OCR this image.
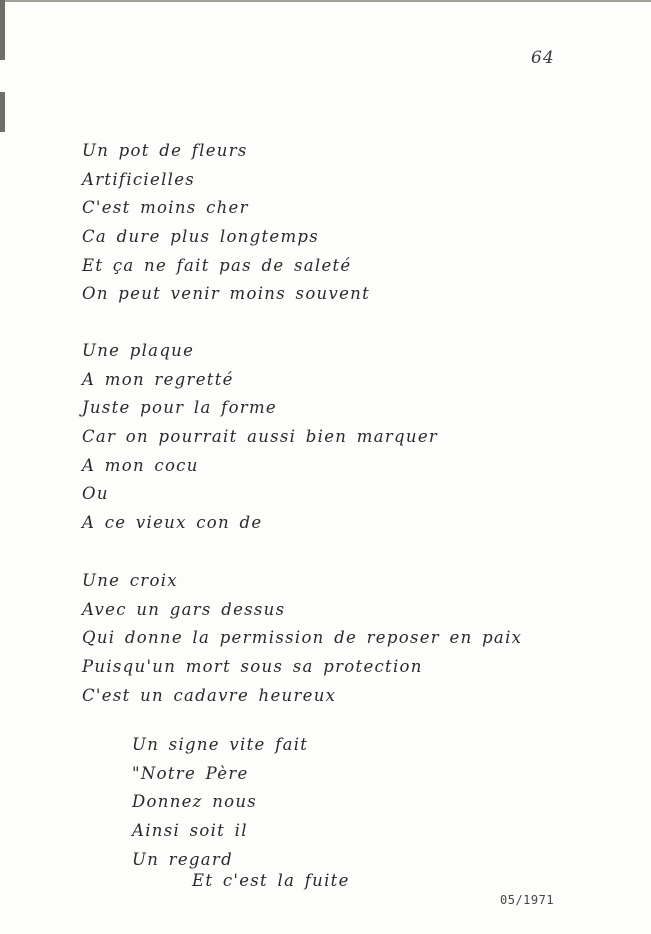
64
Un pot de fleurs
Artificielles
C'est moins cher
Ca dure plus longtemps
Et ça ne fait pas de saleté
On peut venir moins souvent
Une plaque
A mon regretté
Juste pour la forme
Car on pourrait aussi bien marquer
A mon cocu
Ou
A ce vieux con de
Une croix
Avec un gars dessus
Qui donne la permission de reposer en paix
Puisqu'un mort sous sa protection
C'est un cadavre heureux
Un signe vite fait
"Notre Père
Donnez nous
Ainsi soit il
Un regard
Et c'est la fuite
05/1971
